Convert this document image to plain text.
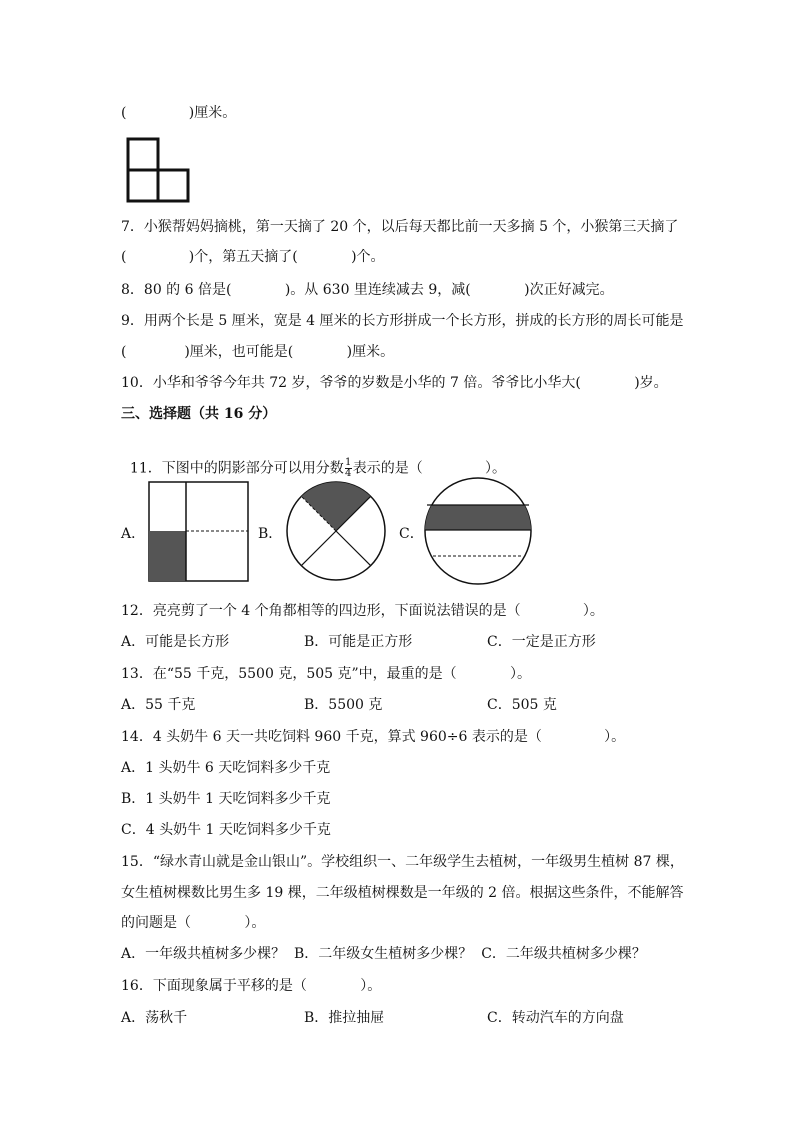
(              )厘米。
7．小猴帮妈妈摘桃，第一天摘了 20 个，以后每天都比前一天多摘 5 个，小猴第三天摘了
(              )个，第五天摘了(            )个。
8．80 的 6 倍是(            )。从 630 里连续减去 9，减(            )次正好减完。
9．用两个长是 5 厘米，宽是 4 厘米的长方形拼成一个长方形，拼成的长方形的周长可能是
(             )厘米，也可能是(            )厘米。
10．小华和爷爷今年共 72 岁，爷爷的岁数是小华的 7 倍。爷爷比小华大(            )岁。
三、选择题（共 16 分）

11．下图中的阴影部分可以用分数 $\frac{1}{4}$ 表示的是（              ）。

A．	B．	C．
12．亮亮剪了一个 4 个角都相等的四边形，下面说法错误的是（              ）。
A．可能是长方形	B．可能是正方形	C．一定是正方形
13．在“55 千克，5500 克，505 克”中，最重的是（            ）。
A．55 千克	B．5500 克	C．505 克
14．4 头奶牛 6 天一共吃饲料 960 千克，算式 960÷6 表示的是（              ）。
A．1 头奶牛 6 天吃饲料多少千克
B．1 头奶牛 1 天吃饲料多少千克
C．4 头奶牛 1 天吃饲料多少千克
15．“绿水青山就是金山银山”。学校组织一、二年级学生去植树，一年级男生植树 87 棵，
女生植树棵数比男生多 19 棵，二年级植树棵数是一年级的 2 倍。根据这些条件，不能解答
的问题是（            ）。
A．一年级共植树多少棵？  B．二年级女生植树多少棵？  C．二年级共植树多少棵？
16．下面现象属于平移的是（            ）。
A．荡秋千	B．推拉抽屉	C．转动汽车的方向盘
